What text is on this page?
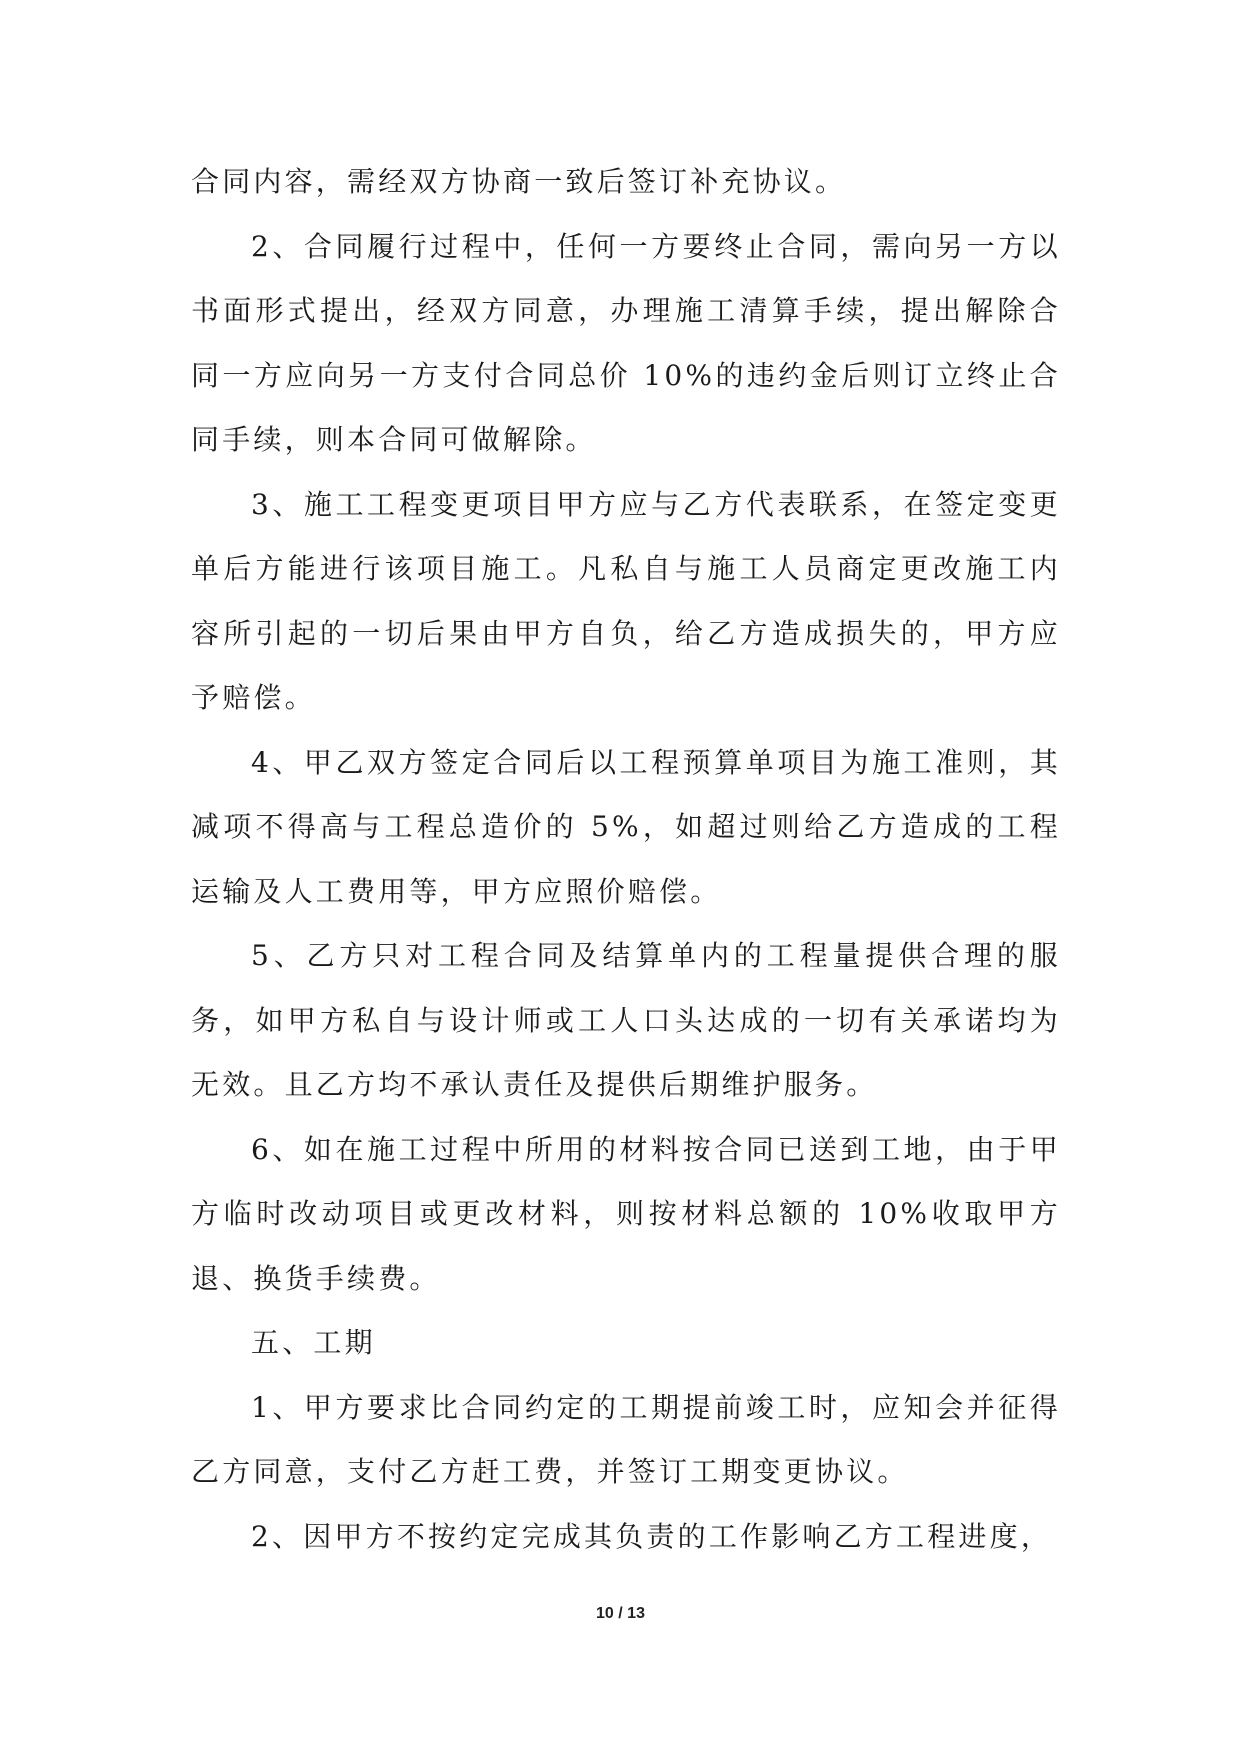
合同内容，需经双方协商一致后签订补充协议。

2、合同履行过程中，任何一方要终止合同，需向另一方以书面形式提出，经双方同意，办理施工清算手续，提出解除合同一方应向另一方支付合同总价 10%的违约金后则订立终止合同手续，则本合同可做解除。

3、施工工程变更项目甲方应与乙方代表联系，在签定变更单后方能进行该项目施工。凡私自与施工人员商定更改施工内容所引起的一切后果由甲方自负，给乙方造成损失的，甲方应予赔偿。

4、甲乙双方签定合同后以工程预算单项目为施工准则，其减项不得高与工程总造价的 5%，如超过则给乙方造成的工程运输及人工费用等，甲方应照价赔偿。

5、乙方只对工程合同及结算单内的工程量提供合理的服务，如甲方私自与设计师或工人口头达成的一切有关承诺均为无效。且乙方均不承认责任及提供后期维护服务。

6、如在施工过程中所用的材料按合同已送到工地，由于甲方临时改动项目或更改材料，则按材料总额的 10%收取甲方退、换货手续费。

五、工期

1、甲方要求比合同约定的工期提前竣工时，应知会并征得乙方同意，支付乙方赶工费，并签订工期变更协议。

2、因甲方不按约定完成其负责的工作影响乙方工程进度，

10 / 13
